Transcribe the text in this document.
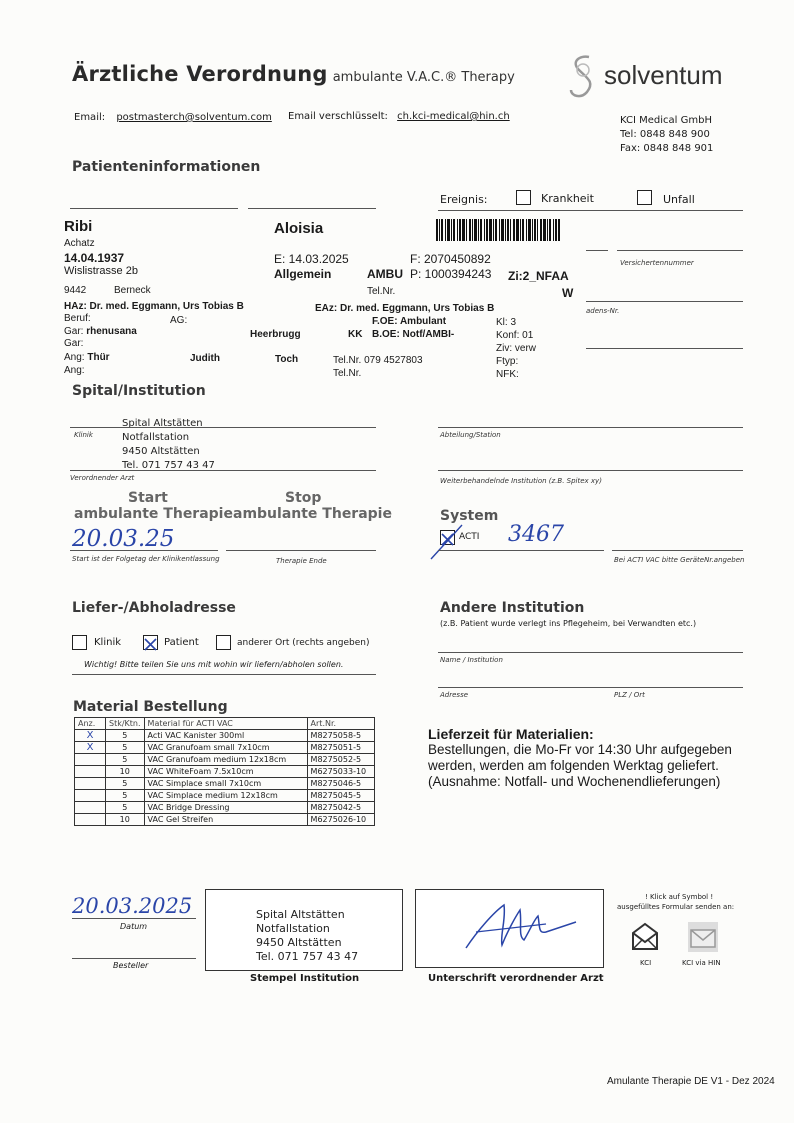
Ärztliche Verordnung ambulante V.A.C.® Therapy	solventum
Email: postmasterch@solventum.com Email verschlüsselt: ch.kci-medical@hin.ch	KCI Medical GmbH
Tel: 0848 848 900
Fax: 0848 848 901
Patienteninformationen
Ereignis:	Krankheit	Unfall
Ribi	Aloisia
Achatz
14.04.1937
Wislistrasse 2b
9442	Berneck
E: 14.03.2025	F: 2070450892
Allgemein	AMBU P: 1000394243 Zi:2_NFAA
W
Tel.Nr.
Versichertennummer
adens-Nr.
HAz: Dr. med. Eggmann, Urs Tobias B	EAz: Dr. med. Eggmann, Urs Tobias B
Beruf:	AG:	F.OE: Ambulant	Kl: 3
Gar: rhenusana	Heerbrugg	KK B.OE: Notf/AMBI-	Konf: 01
Gar:	Ziv: verw
Ang: Thür	Judith	Toch	Tel.Nr. 079 4527803	Ftyp:
Ang:	Tel.Nr.	NFK:
Spital/Institution
Spital Altstätten
Notfallstation
9450 Altstätten
Tel. 071 757 43 47
Klinik
Verordnender Arzt
Abteilung/Station
Weiterbehandelnde Institution (z.B. Spitex xy)
Start
ambulante Therapie
Stop
ambulante Therapie
20.03.25
Start ist der Folgetag der Klinikentlassung	Therapie Ende
System
ACTI 3467
Bei ACTI VAC bitte GeräteNr.angeben
Liefer-/Abholadresse
Klinik	Patient	anderer Ort (rechts angeben)
Wichtig! Bitte teilen Sie uns mit wohin wir liefern/abholen sollen.
Andere Institution
(z.B. Patient wurde verlegt ins Pflegeheim, bei Verwandten etc.)
Name / Institution
Adresse	PLZ / Ort
Material Bestellung
Anz.	Stk/Ktn.	Material für ACTI VAC	Art.Nr.
X	5	Acti VAC Kanister 300ml	M8275058-5
X	5	VAC Granufoam small 7x10cm	M8275051-5
	5	VAC Granufoam medium 12x18cm	M8275052-5
	10	VAC WhiteFoam 7.5x10cm	M6275033-10
	5	VAC Simplace small 7x10cm	M8275046-5
	5	VAC Simplace medium 12x18cm	M8275045-5
	5	VAC Bridge Dressing	M8275042-5
	10	VAC Gel Streifen	M6275026-10
Lieferzeit für Materialien:
Bestellungen, die Mo-Fr vor 14:30 Uhr aufgegeben
werden, werden am folgenden Werktag geliefert.
(Ausnahme: Notfall- und Wochenendlieferungen)
20.03.2025
Datum
Besteller
Spital Altstätten
Notfallstation
9450 Altstätten
Tel. 071 757 43 47
Stempel Institution	Unterschrift verordnender Arzt
! Klick auf Symbol !
ausgefülltes Formular senden an:
KCI	KCI via HIN
Amulante Therapie DE V1 - Dez 2024
